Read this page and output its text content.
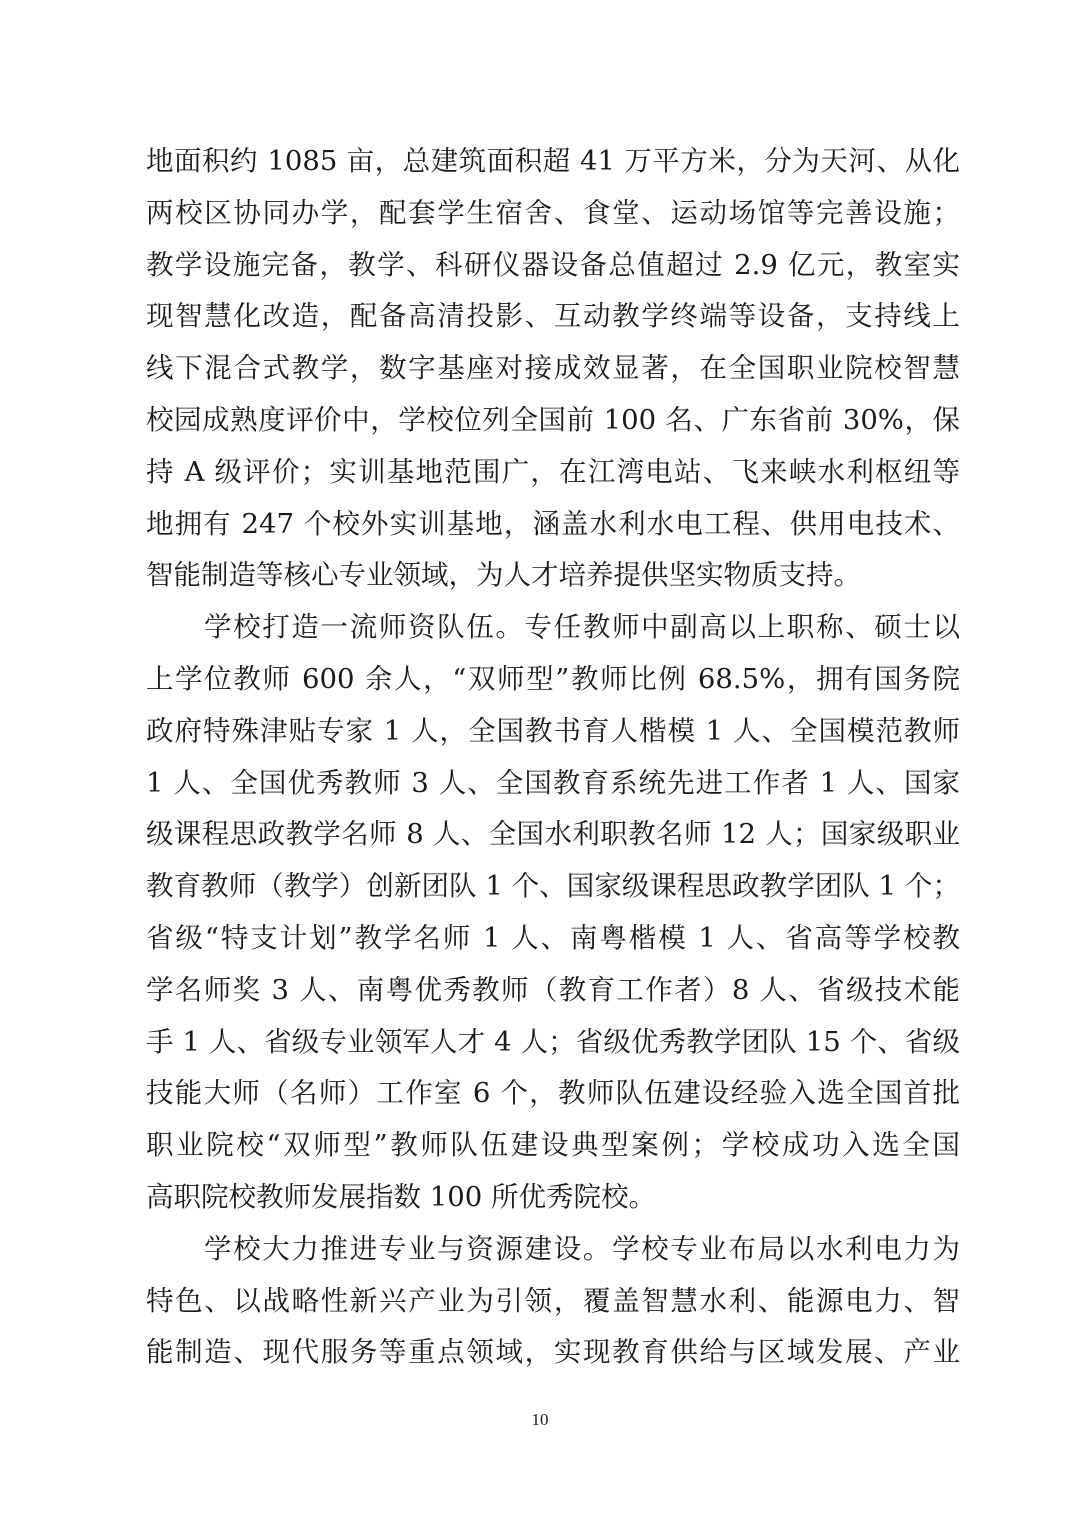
地面积约 1085 亩，总建筑面积超 41 万平方米，分为天河、从化
两校区协同办学，配套学生宿舍、食堂、运动场馆等完善设施；
教学设施完备，教学、科研仪器设备总值超过 2.9 亿元，教室实
现智慧化改造，配备高清投影、互动教学终端等设备，支持线上
线下混合式教学，数字基座对接成效显著，在全国职业院校智慧
校园成熟度评价中，学校位列全国前 100 名、广东省前 30%，保
持 A 级评价；实训基地范围广，在江湾电站、飞来峡水利枢纽等
地拥有 247 个校外实训基地，涵盖水利水电工程、供用电技术、
智能制造等核心专业领域，为人才培养提供坚实物质支持。
学校打造一流师资队伍。专任教师中副高以上职称、硕士以
上学位教师 600 余人，“双师型”教师比例 68.5%，拥有国务院
政府特殊津贴专家 1 人，全国教书育人楷模 1 人、全国模范教师
1 人、全国优秀教师 3 人、全国教育系统先进工作者 1 人、国家
级课程思政教学名师 8 人、全国水利职教名师 12 人；国家级职业
教育教师（教学）创新团队 1 个、国家级课程思政教学团队 1 个；
省级“特支计划”教学名师 1 人、南粤楷模 1 人、省高等学校教
学名师奖 3 人、南粤优秀教师（教育工作者）8 人、省级技术能
手 1 人、省级专业领军人才 4 人；省级优秀教学团队 15 个、省级
技能大师（名师）工作室 6 个，教师队伍建设经验入选全国首批
职业院校“双师型”教师队伍建设典型案例；学校成功入选全国
高职院校教师发展指数 100 所优秀院校。
学校大力推进专业与资源建设。学校专业布局以水利电力为
特色、以战略性新兴产业为引领，覆盖智慧水利、能源电力、智
能制造、现代服务等重点领域，实现教育供给与区域发展、产业
10
